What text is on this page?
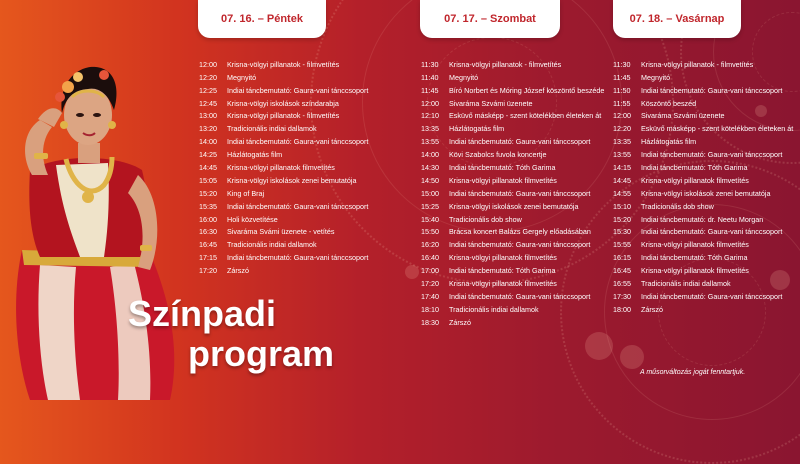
Színpadi
program
07. 16. – Péntek	07. 17. – Szombat	07. 18. – Vasárnap
12:00	Krisna-völgyi pillanatok - filmvetítés
12:20	Megnyitó
12:25	Indiai táncbemutató: Gaura-vani tánccsoport
12:45	Krisna-völgyi iskolások színdarabja
13:00	Krisna-völgyi pillanatok - filmvetítés
13:20	Tradicionális indiai dallamok
14:00	Indiai táncbemutató: Gaura-vani tánccsoport
14:25	Házlátogatás film
14:45	Krisna-völgyi pillanatok filmvetítés
15:05	Krisna-völgyi iskolások zenei bemutatója
15:20	King of Braj
15:35	Indiai táncbemutató: Gaura-vani tánccsoport
16:00	Holi közvetítése
16:30	Sivaráma Svámi üzenete - vetítés
16:45	Tradicionális indiai dallamok
17:15	Indiai táncbemutató: Gaura-vani tánccsoport
17:20	Zárszó
11:30	Krisna-völgyi pillanatok - filmvetítés
11:40	Megnyitó
11:45	Bíró Norbert és Móring József köszöntő beszéde
12:00	Sivaráma Szvámi üzenete
12:10	Esküvő másképp - szent kötelékben életeken át
13:35	Házlátogatás film
13:55	Indiai táncbemutató: Gaura-vani tánccsoport
14:00	Kövi Szabolcs fuvola koncertje
14:30	Indiai táncbemutató: Tóth Garima
14:50	Krisna-völgyi pillanatok filmvetítés
15:00	Indiai táncbemutató: Gaura-vani tánccsoport
15:25	Krisna-völgyi iskolások zenei bemutatója
15:40	Tradicionális dob show
15:50	Brácsa koncert Balázs Gergely előadásában
16:20	Indiai táncbemutató: Gaura-vani tánccsoport
16:40	Krisna-völgyi pillanatok filmvetítés
17:00	Indiai táncbemutató: Tóth Garima
17:20	Krisna-völgyi pillanatok filmvetítés
17:40	Indiai táncbemutató: Gaura-vani tánccsoport
18:10	Tradicionális indiai dallamok
18:30	Zárszó
11:30	Krisna-völgyi pillanatok - filmvetítés
11:45	Megnyitó
11:50	Indiai táncbemutató: Gaura-vani tánccsoport
11:55	Köszöntő beszéd
12:00	Sivaráma Szvámi üzenete
12:20	Esküvő másképp - szent kötelékben életeken át
13:35	Házlátogatás film
13:55	Indiai táncbemutató: Gaura-vani tánccsoport
14:15	Indiai táncbemutató: Tóth Garima
14:45	Krisna-völgyi pillanatok filmvetítés
14:55	Krisna-völgyi iskolások zenei bemutatója
15:10	Tradicionális dob show
15:20	Indiai táncbemutató: dr. Neetu Morgan
15:30	Indiai táncbemutató: Gaura-vani tánccsoport
15:55	Krisna-völgyi pillanatok filmvetítés
16:15	Indiai táncbemutató: Tóth Garima
16:45	Krisna-völgyi pillanatok filmvetítés
16:55	Tradicionális indiai dallamok
17:30	Indiai táncbemutató: Gaura-vani tánccsoport
18:00	Zárszó

A műsorváltozás jogát fenntartjuk.
